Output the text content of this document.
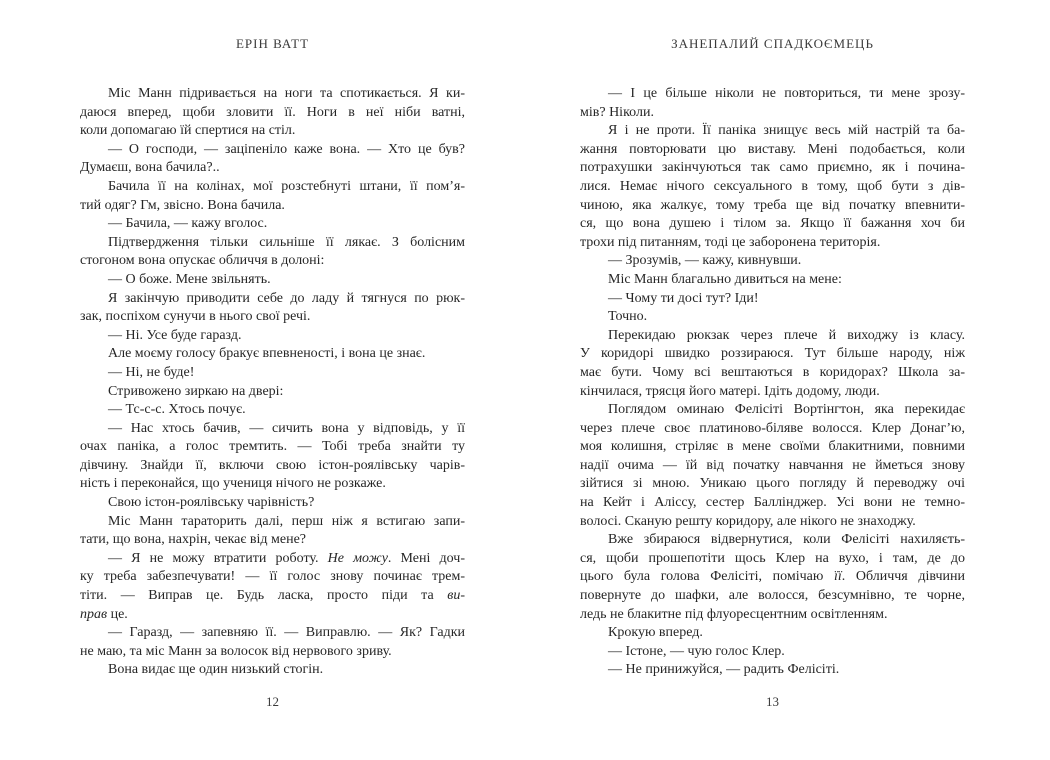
ЕРІН ВАТТ
Міс Манн підривається на ноги та спотикається. Я ки-
даюся вперед, щоби зловити її. Ноги в неї ніби ватні,
коли допомагаю їй спертися на стіл.
— О господи, — заціпеніло каже вона. — Хто це був?
Думаєш, вона бачила?..
Бачила її на колінах, мої розстебнуті штани, її пом’я-
тий одяг? Гм, звісно. Вона бачила.
— Бачила, — кажу вголос.
Підтвердження тільки сильніше її лякає. З болісним
стогоном вона опускає обличчя в долоні:
— О боже. Мене звільнять.
Я закінчую приводити себе до ладу й тягнуся по рюк-
зак, поспіхом сунучи в нього свої речі.
— Ні. Усе буде гаразд.
Але моєму голосу бракує впевненості, і вона це знає.
— Ні, не буде!
Стривожено зиркаю на двері:
— Тс-с-с. Хтось почує.
— Нас хтось бачив, — сичить вона у відповідь, у її
очах паніка, а голос тремтить. — Тобі треба знайти ту
дівчину. Знайди її, включи свою істон-роялівську чарів-
ність і переконайся, що учениця нічого не розкаже.
Свою істон-роялівську чарівність?
Міс Манн тараторить далі, перш ніж я встигаю запи-
тати, що вона, нахрін, чекає від мене?
— Я не можу втратити роботу. Не можу. Мені доч-
ку треба забезпечувати! — її голос знову починає трем-
тіти. — Виправ це. Будь ласка, просто піди та ви-
прав це.
— Гаразд, — запевняю її. — Виправлю. — Як? Гадки
не маю, та міс Манн за волосок від нервового зриву.
Вона видає ще один низький стогін.
12
ЗАНЕПАЛИЙ СПАДКОЄМЕЦЬ
— І це більше ніколи не повториться, ти мене зрозу-
мів? Ніколи.
Я і не проти. Її паніка знищує весь мій настрій та ба-
жання повторювати цю виставу. Мені подобається, коли
потрахушки закінчуються так само приємно, як і почина-
лися. Немає нічого сексуального в тому, щоб бути з дів-
чиною, яка жалкує, тому треба ще від початку впевнити-
ся, що вона душею і тілом за. Якщо її бажання хоч би
трохи під питанням, тоді це заборонена територія.
— Зрозумів, — кажу, кивнувши.
Міс Манн благально дивиться на мене:
— Чому ти досі тут? Іди!
Точно.
Перекидаю рюкзак через плече й виходжу із класу.
У коридорі швидко роззираюся. Тут більше народу, ніж
має бути. Чому всі вештаються в коридорах? Школа за-
кінчилася, трясця його матері. Ідіть додому, люди.
Поглядом оминаю Фелісіті Вортінгтон, яка перекидає
через плече своє платиново-біляве волосся. Клер Донаг’ю,
моя колишня, стріляє в мене своїми блакитними, повними
надії очима — їй від початку навчання не йметься знову
зійтися зі мною. Уникаю цього погляду й переводжу очі
на Кейт і Аліссу, сестер Баллінджер. Усі вони не темно-
волосі. Сканую решту коридору, але нікого не знаходжу.
Вже збираюся відвернутися, коли Фелісіті нахиляєть-
ся, щоби прошепотіти щось Клер на вухо, і там, де до
цього була голова Фелісіті, помічаю її. Обличчя дівчини
повернуте до шафки, але волосся, безсумнівно, те чорне,
ледь не блакитне під флуоресцентним освітленням.
Крокую вперед.
— Істоне, — чую голос Клер.
— Не принижуйся, — радить Фелісіті.
13
